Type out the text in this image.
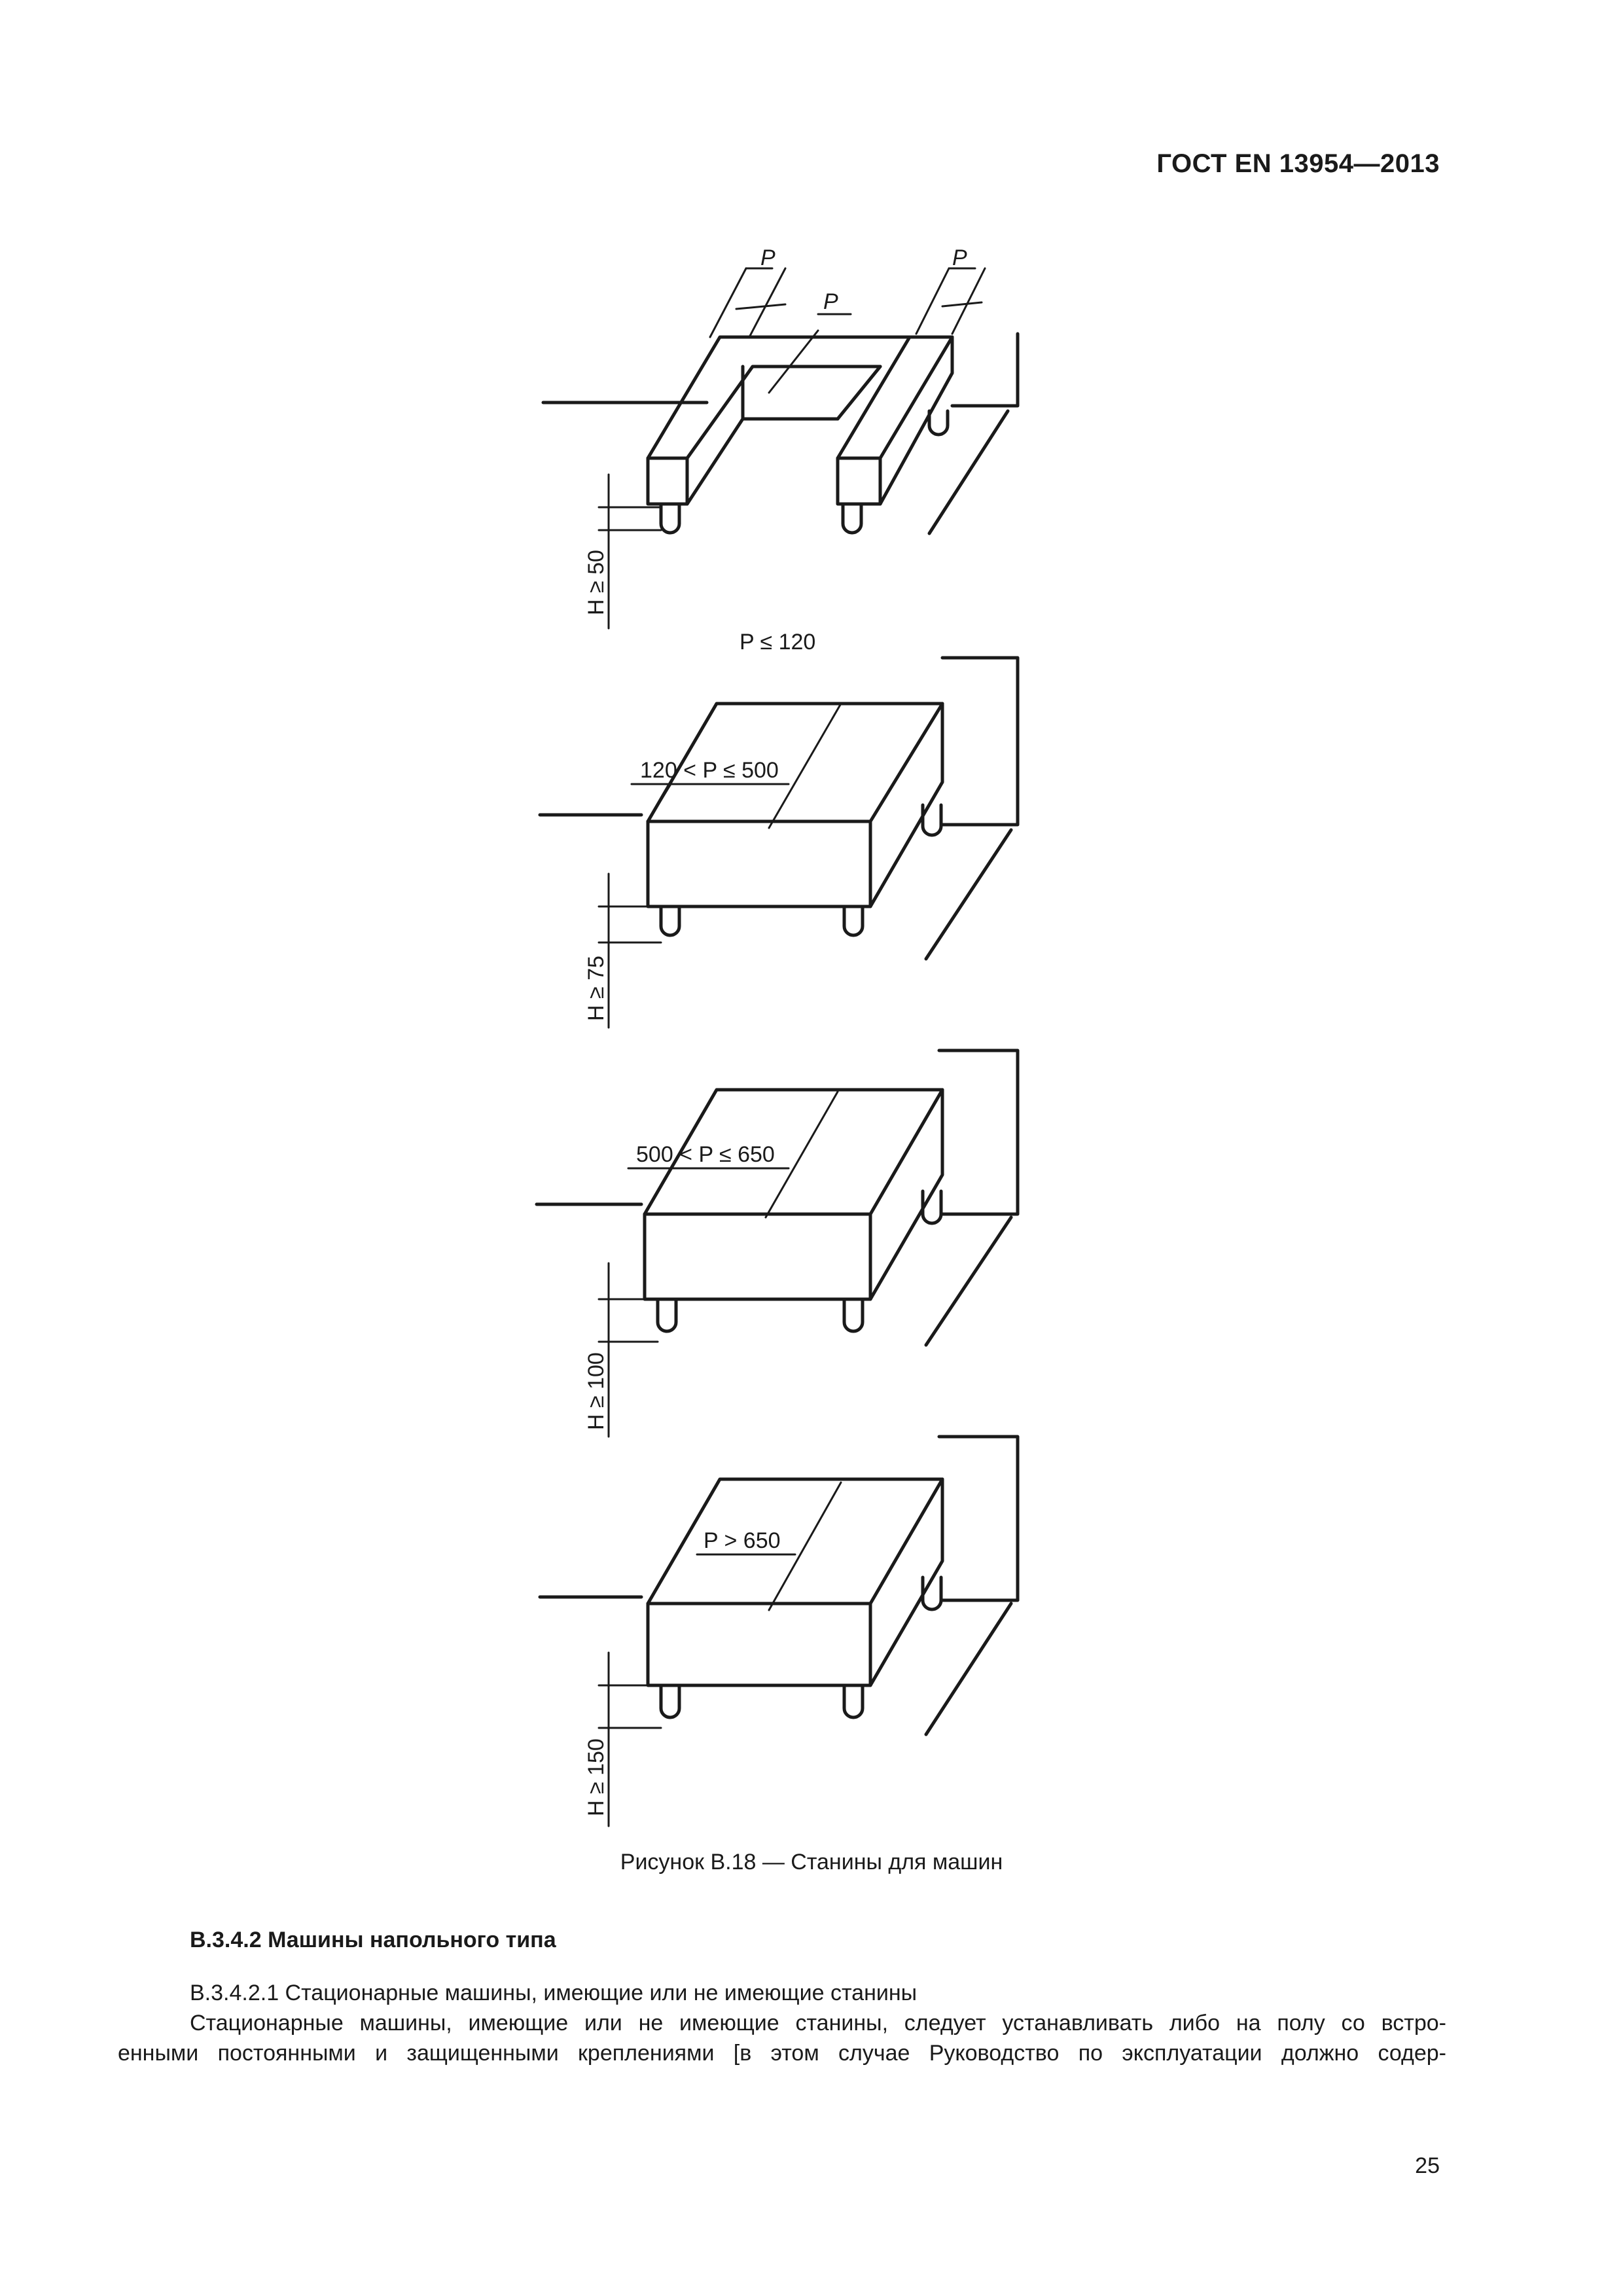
ГОСТ EN 13954—2013
P	P
P
P ≤ 120
120 < P ≤ 500
500 < P ≤ 650
P > 650
H ≥ 50
H ≥ 75
H ≥ 100
H ≥ 150
Рисунок В.18 — Станины для машин
В.3.4.2 Машины напольного типа
В.3.4.2.1 Стационарные машины, имеющие или не имеющие станины
Стационарные машины, имеющие или не имеющие станины, следует устанавливать либо на полу со встро-
енными постоянными и защищенными креплениями [в этом случае Руководство по эксплуатации должно содер-
25
